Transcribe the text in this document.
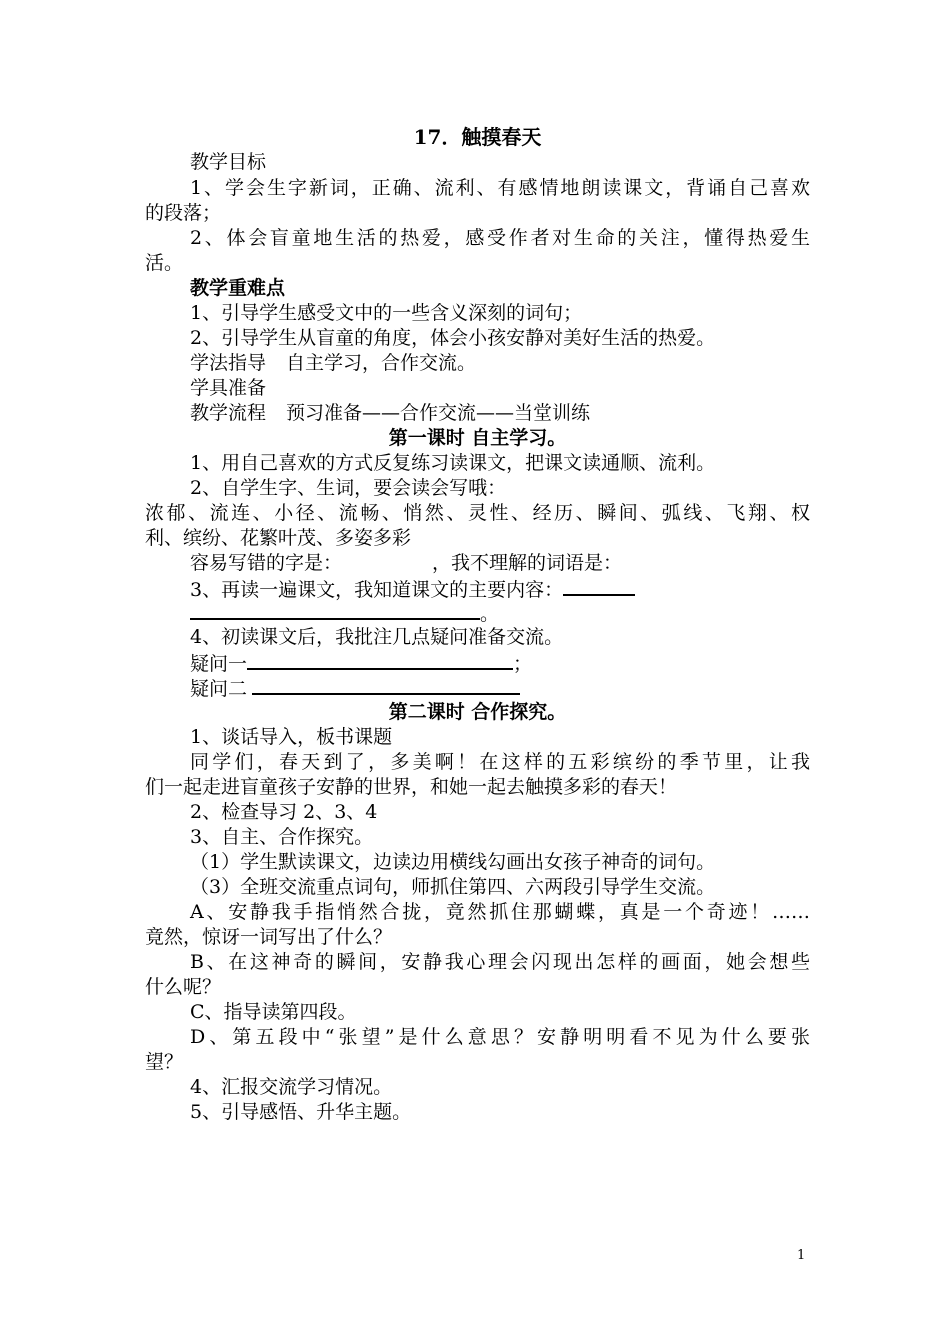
17．触摸春天
教学目标
1、学会生字新词，正确、流利、有感情地朗读课文，背诵自己喜欢
的段落；
2、体会盲童地生活的热爱，感受作者对生命的关注，懂得热爱生
活。
教学重难点
1、引导学生感受文中的一些含义深刻的词句；
2、引导学生从盲童的角度，体会小孩安静对美好生活的热爱。
学法指导 自主学习，合作交流。
学具准备
教学流程 预习准备——合作交流——当堂训练
第一课时 自主学习。
1、用自己喜欢的方式反复练习读课文，把课文读通顺、流利。
2、自学生字、生词，要会读会写哦：
浓郁、流连、小径、流畅、悄然、灵性、经历、瞬间、弧线、飞翔、权
利、缤纷、花繁叶茂、多姿多彩
容易写错的字是：	，我不理解的词语是：
3、再读一遍课文，我知道课文的主要内容：
。
4、初读课文后，我批注几点疑问准备交流。
疑问一	；
疑问二
第二课时 合作探究。
1、谈话导入，板书课题
同学们，春天到了，多美啊！在这样的五彩缤纷的季节里，让我
们一起走进盲童孩子安静的世界，和她一起去触摸多彩的春天！
2、检查导习 2、3、4
3、自主、合作探究。
（1）学生默读课文，边读边用横线勾画出女孩子神奇的词句。
（3）全班交流重点词句，师抓住第四、六两段引导学生交流。
A、安静我手指悄然合拢，竟然抓住那蝴蝶，真是一个奇迹！……
竟然，惊讶一词写出了什么？
B、在这神奇的瞬间，安静我心理会闪现出怎样的画面，她会想些
什么呢？
C、指导读第四段。
D、第五段中“张望”是什么意思？安静明明看不见为什么要张
望？
4、汇报交流学习情况。
5、引导感悟、升华主题。
1
